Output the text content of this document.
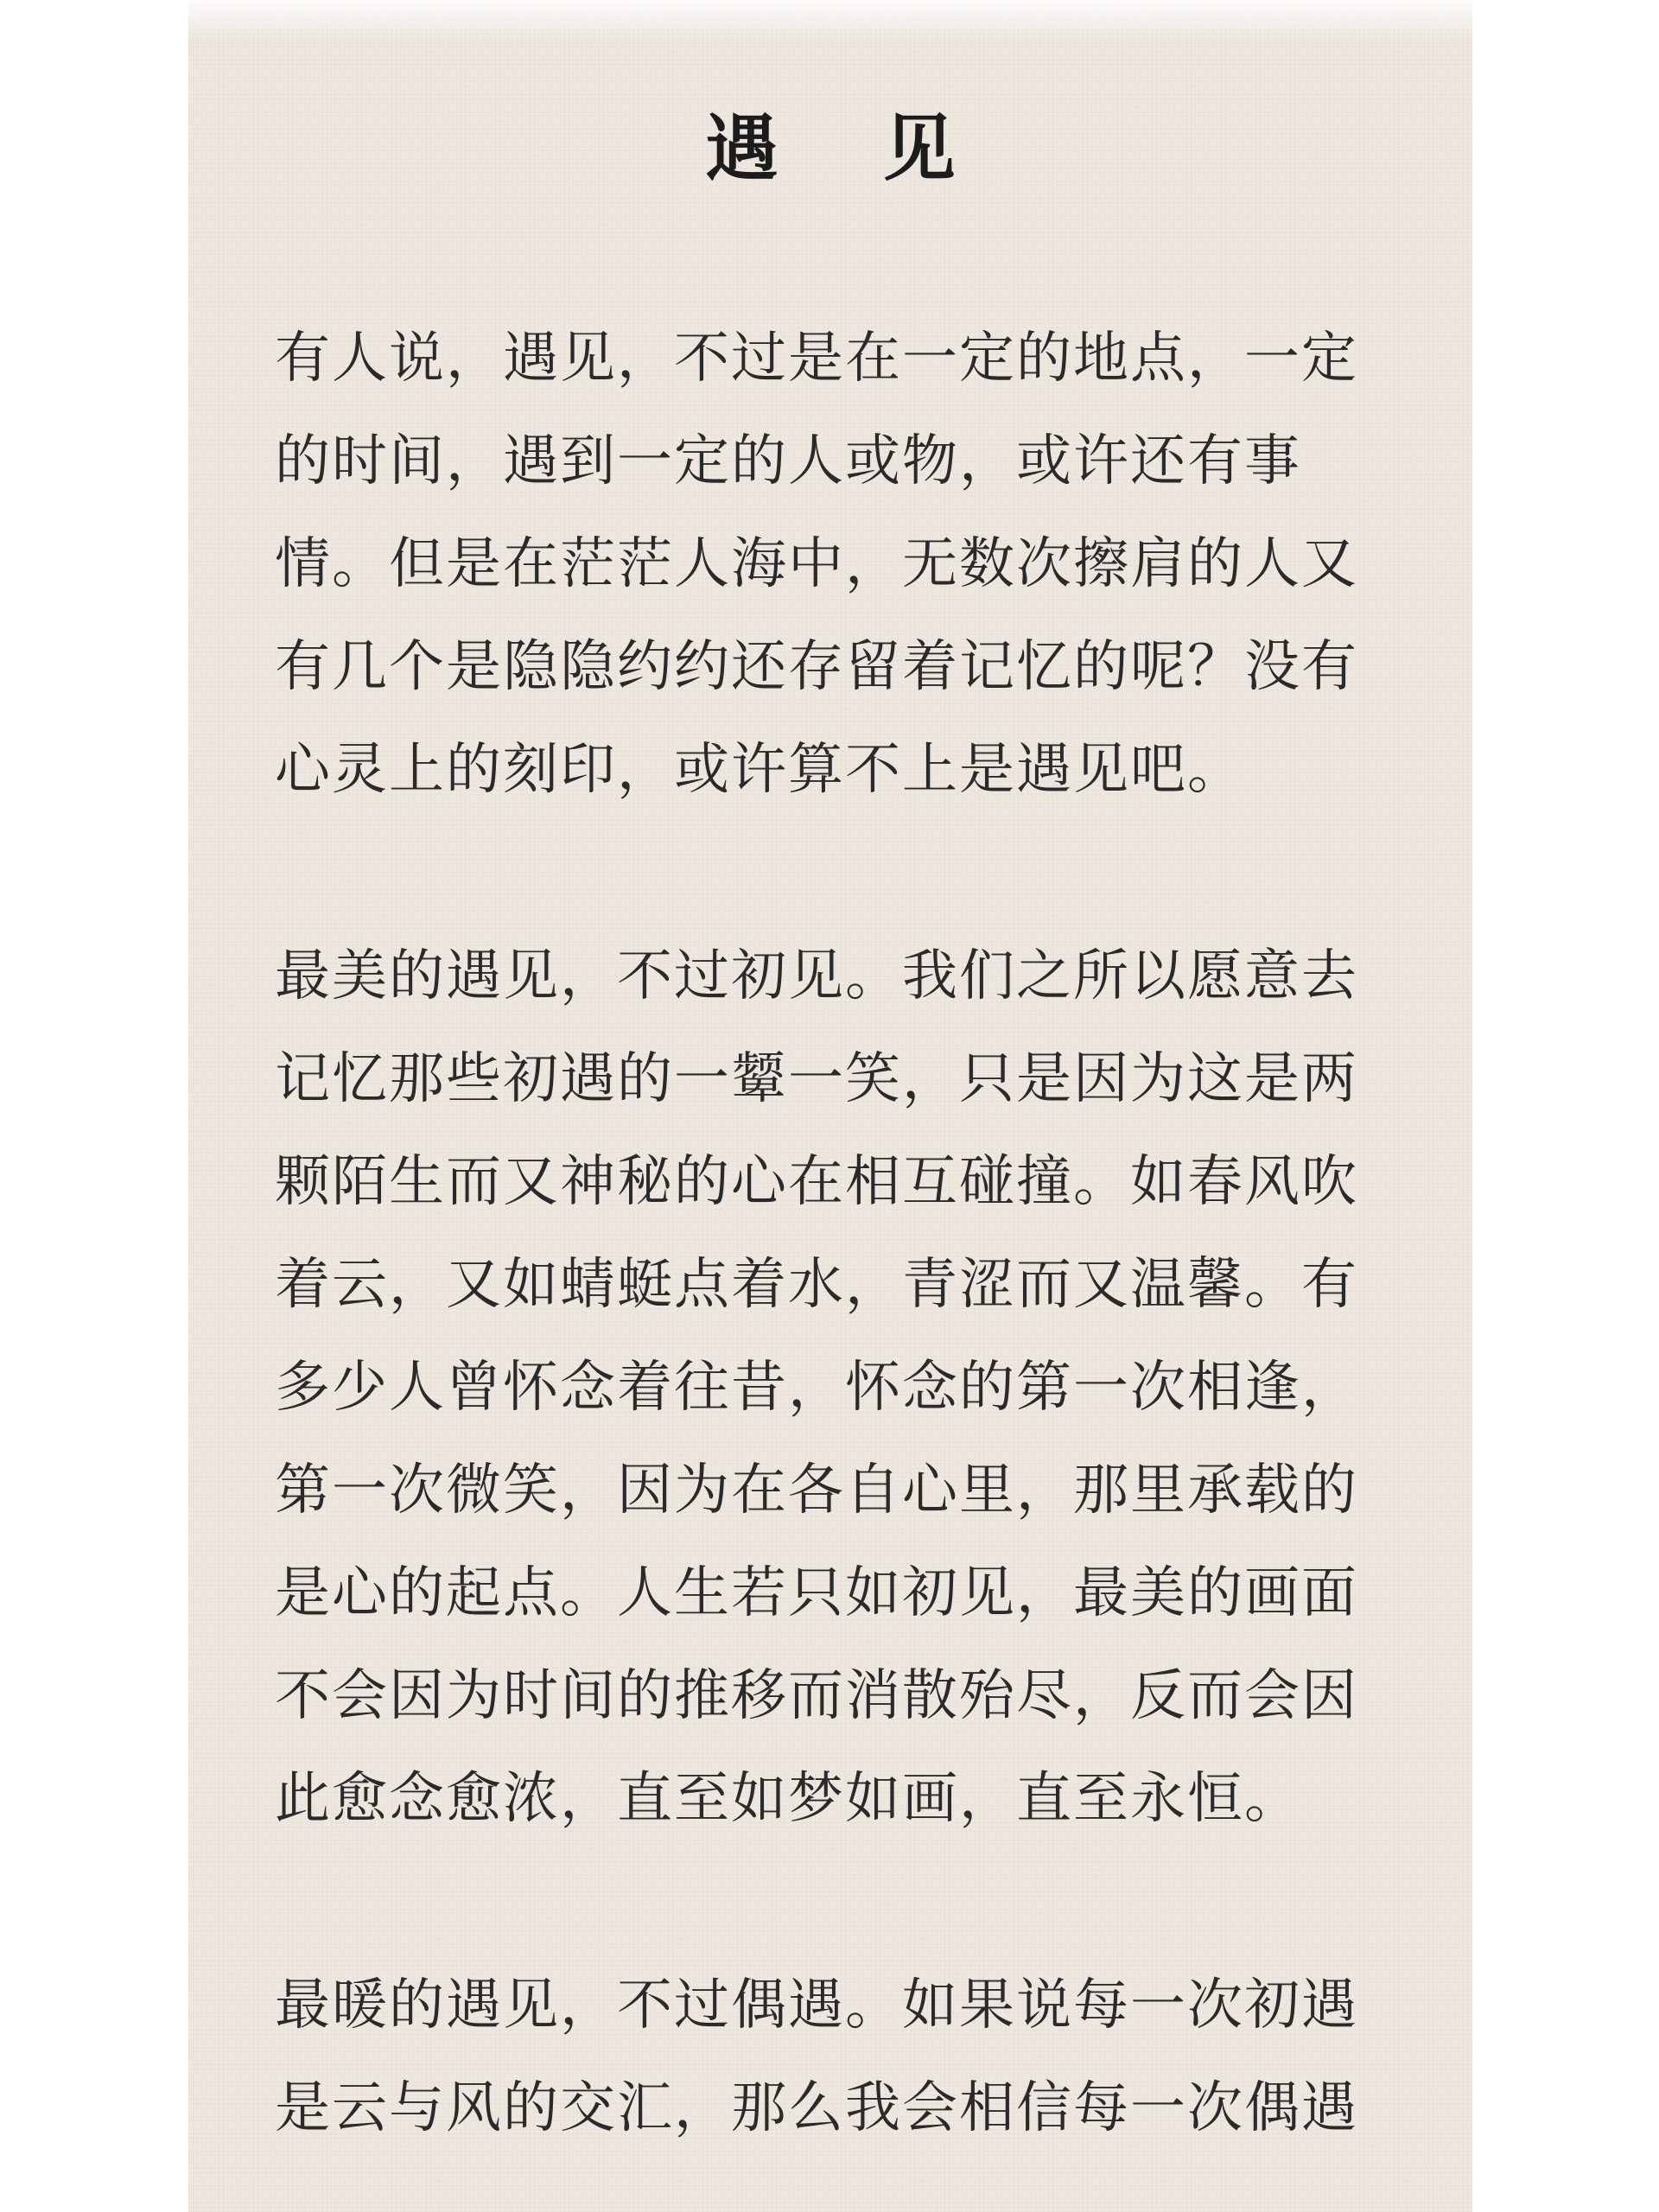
遇 见

有人说，遇见，不过是在一定的地点，一定
的时间，遇到一定的人或物，或许还有事
情。但是在茫茫人海中，无数次擦肩的人又
有几个是隐隐约约还存留着记忆的呢？没有
心灵上的刻印，或许算不上是遇见吧。

最美的遇见，不过初见。我们之所以愿意去
记忆那些初遇的一颦一笑，只是因为这是两
颗陌生而又神秘的心在相互碰撞。如春风吹
着云，又如蜻蜓点着水，青涩而又温馨。有
多少人曾怀念着往昔，怀念的第一次相逢，
第一次微笑，因为在各自心里，那里承载的
是心的起点。人生若只如初见，最美的画面
不会因为时间的推移而消散殆尽，反而会因
此愈念愈浓，直至如梦如画，直至永恒。

最暖的遇见，不过偶遇。如果说每一次初遇
是云与风的交汇，那么我会相信每一次偶遇
